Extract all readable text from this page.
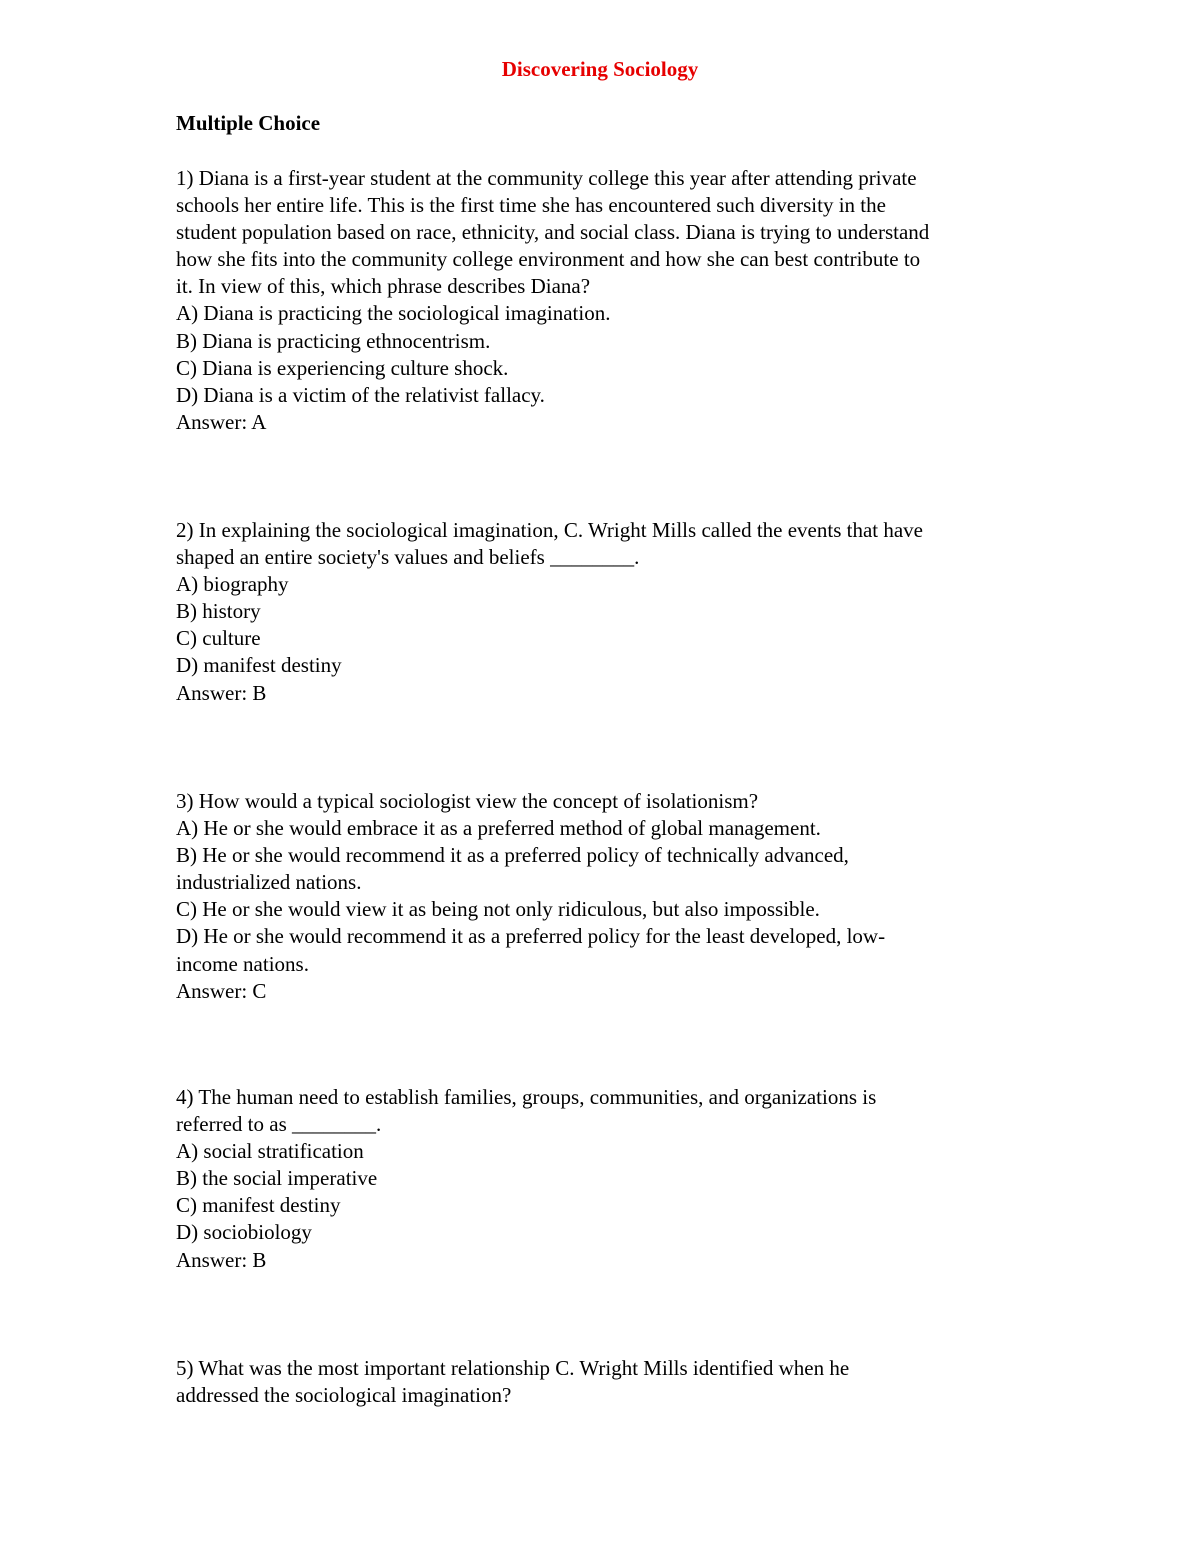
Discovering Sociology
Multiple Choice
1) Diana is a first-year student at the community college this year after attending private
schools her entire life. This is the first time she has encountered such diversity in the
student population based on race, ethnicity, and social class. Diana is trying to understand
how she fits into the community college environment and how she can best contribute to
it. In view of this, which phrase describes Diana?
A) Diana is practicing the sociological imagination.
B) Diana is practicing ethnocentrism.
C) Diana is experiencing culture shock.
D) Diana is a victim of the relativist fallacy.
Answer: A
2) In explaining the sociological imagination, C. Wright Mills called the events that have
shaped an entire society's values and beliefs ________.
A) biography
B) history
C) culture
D) manifest destiny
Answer: B
3) How would a typical sociologist view the concept of isolationism?
A) He or she would embrace it as a preferred method of global management.
B) He or she would recommend it as a preferred policy of technically advanced,
industrialized nations.
C) He or she would view it as being not only ridiculous, but also impossible.
D) He or she would recommend it as a preferred policy for the least developed, low-
income nations.
Answer: C
4) The human need to establish families, groups, communities, and organizations is
referred to as ________.
A) social stratification
B) the social imperative
C) manifest destiny
D) sociobiology
Answer: B
5) What was the most important relationship C. Wright Mills identified when he
addressed the sociological imagination?
